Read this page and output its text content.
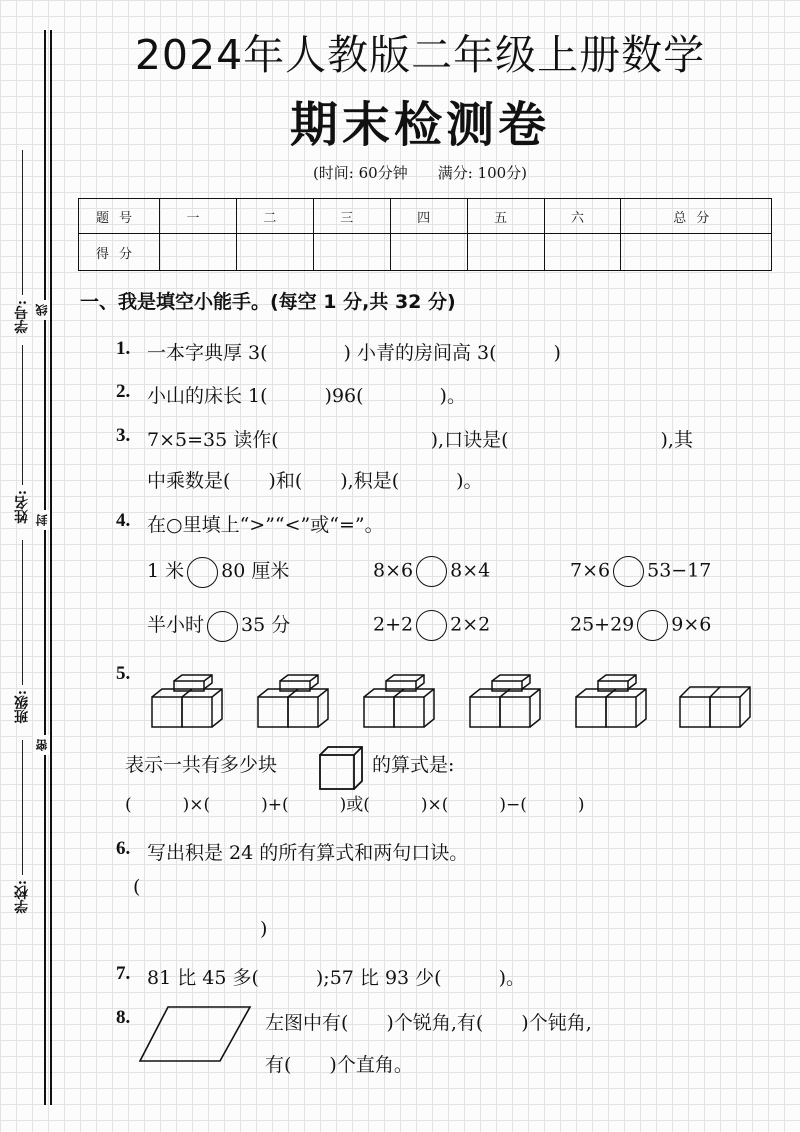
学号: 线
姓名: 封
班级:
密
学校:
2024年人教版二年级上册数学
期末检测卷
(时间: 60分钟　　满分: 100分)
题号	一	二	三	四	五	六	总分
得分							
一、我是填空小能手。(每空 1 分,共 32 分)
1. 一本字典厚 3(　　　　) 小青的房间高 3(　　　)
2. 小山的床长 1(　　　)96(　　　　)。
3. 7×5=35 读作(　　　　　　　　),口诀是(　　　　　　　　),其
中乘数是(　　)和(　　),积是(　　　)。
4. 在○里填上“>”“<”或“=”。
1 米 80 厘米	8×6 8×4	7×6 53−17
半小时 35 分	2+2 2×2	25+29 9×6
5.
表示一共有多少块	的算式是:
(　　　)×(　　　)+(　　　)或(　　　)×(　　　)−(　　　)
6. 写出积是 24 的所有算式和两句口诀。
(
)
7. 81 比 45 多(　　　);57 比 93 少(　　　)。
8.	左图中有(　　)个锐角,有(　　)个钝角,
有(　　)个直角。
